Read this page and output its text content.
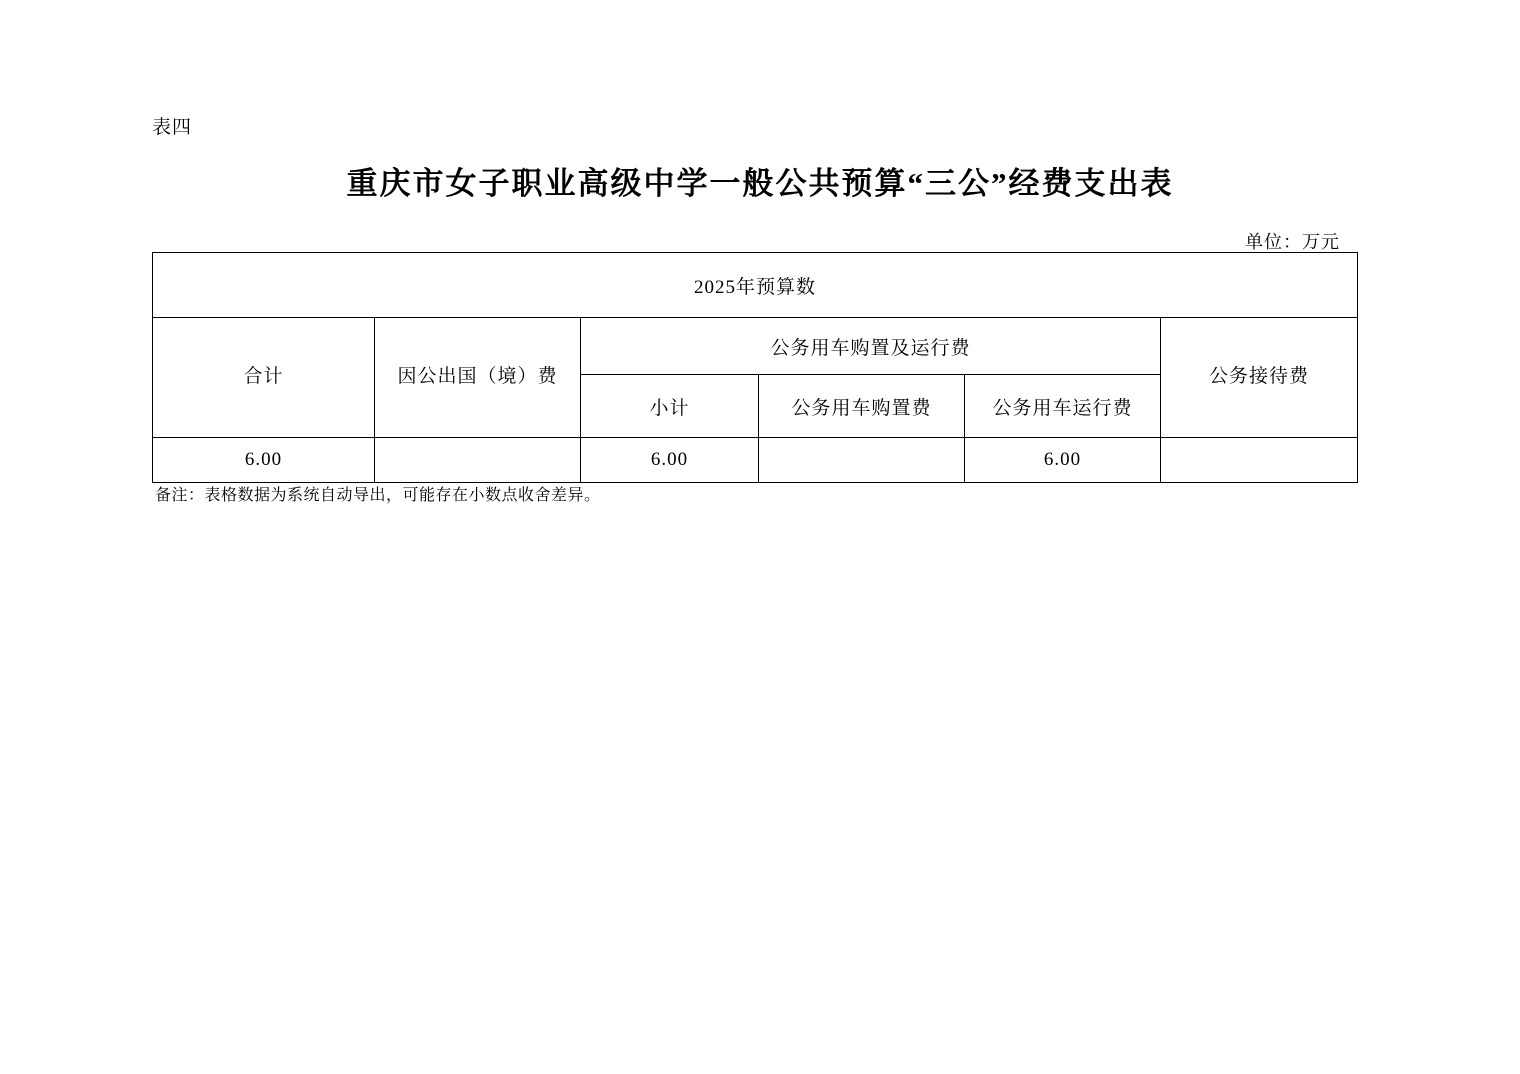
表四
重庆市女子职业高级中学一般公共预算“三公”经费支出表
单位：万元
2025年预算数					
合计	因公出国（境）费	公务用车购置及运行费			公务接待费
		小计	公务用车购置费	公务用车运行费	
6.00		6.00		6.00	
备注：表格数据为系统自动导出，可能存在小数点收舍差异。
